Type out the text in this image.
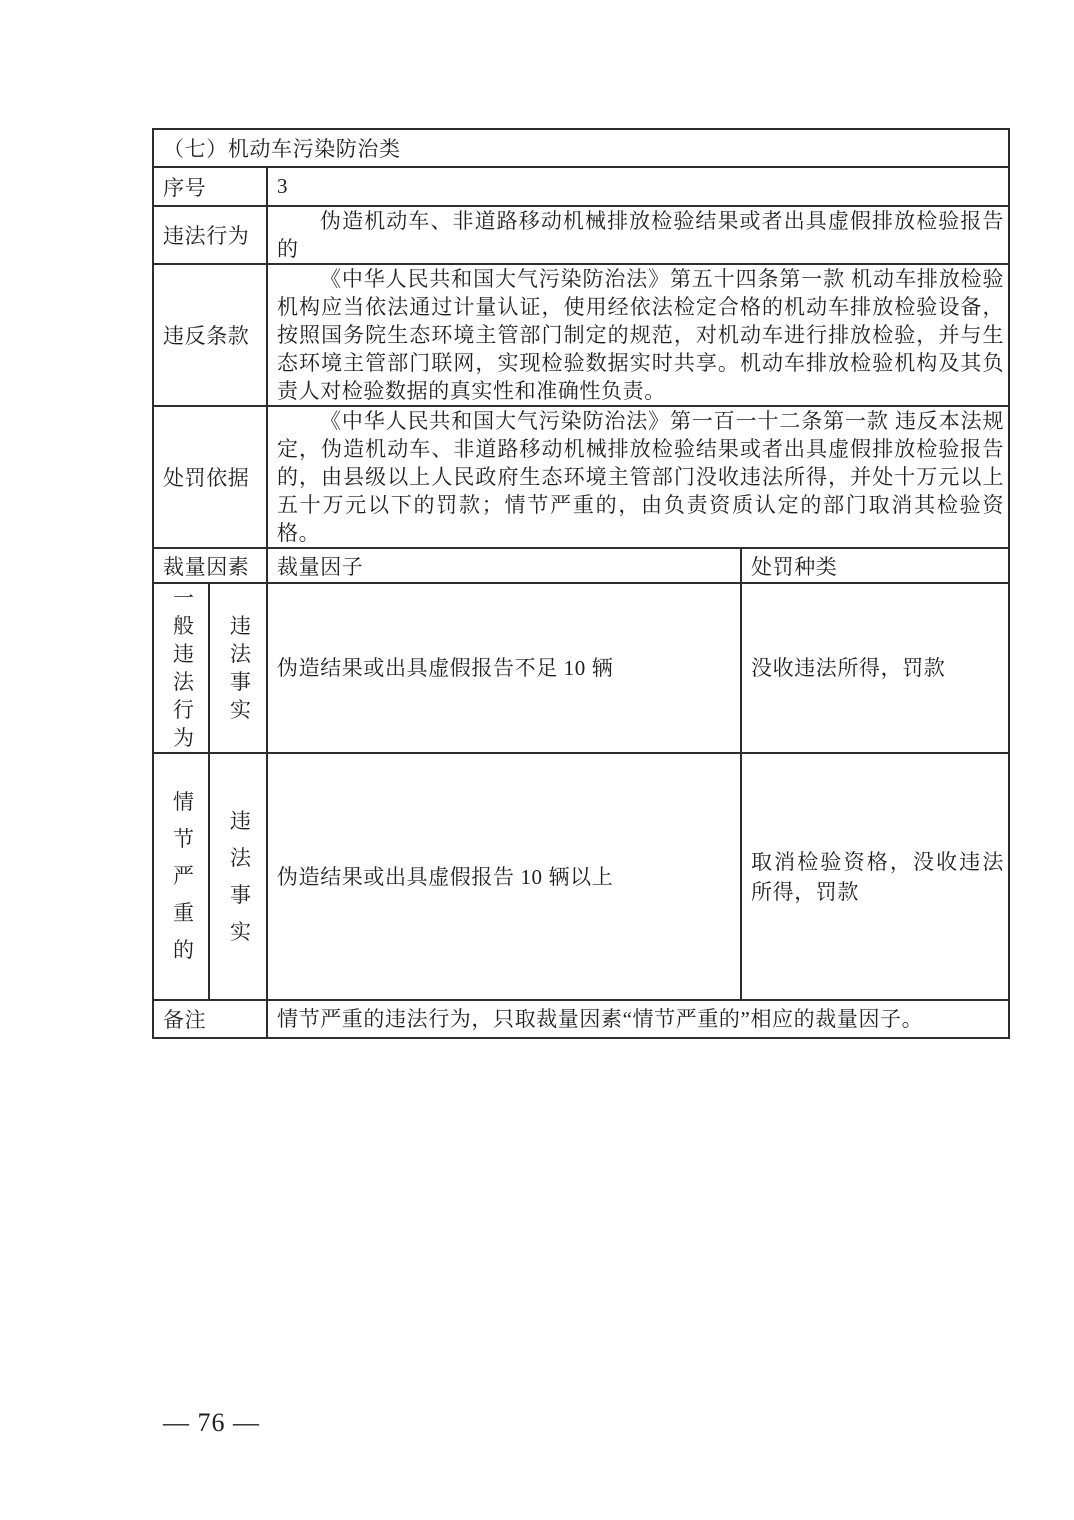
（七）机动车污染防治类			
序号		3	
违法行为		伪造机动车、非道路移动机械排放检验结果或者出具虚假排放检验报告的	

违反条款		《中华人民共和国大气污染防治法》第五十四条第一款 机动车排放检验机构应当依法通过计量认证，使用经依法检定合格的机动车排放检验设备，按照国务院生态环境主管部门制定的规范，对机动车进行排放检验，并与生态环境主管部门联网，实现检验数据实时共享。机动车排放检验机构及其负责人对检验数据的真实性和准确性负责。	

处罚依据		《中华人民共和国大气污染防治法》第一百一十二条第一款 违反本法规定，伪造机动车、非道路移动机械排放检验结果或者出具虚假排放检验报告的，由县级以上人民政府生态环境主管部门没收违法所得，并处十万元以上五十万元以下的罚款；情节严重的，由负责资质认定的部门取消其检验资格。	

裁量因素		裁量因子	处罚种类
一般违法行为	违法事实	伪造结果或出具虚假报告不足 10 辆	没收违法所得，罚款
情节严重的	违法事实	伪造结果或出具虚假报告 10 辆以上	取消检验资格，没收违法所得，罚款
备注		情节严重的违法行为，只取裁量因素“情节严重的”相应的裁量因子。	

— 76 —
